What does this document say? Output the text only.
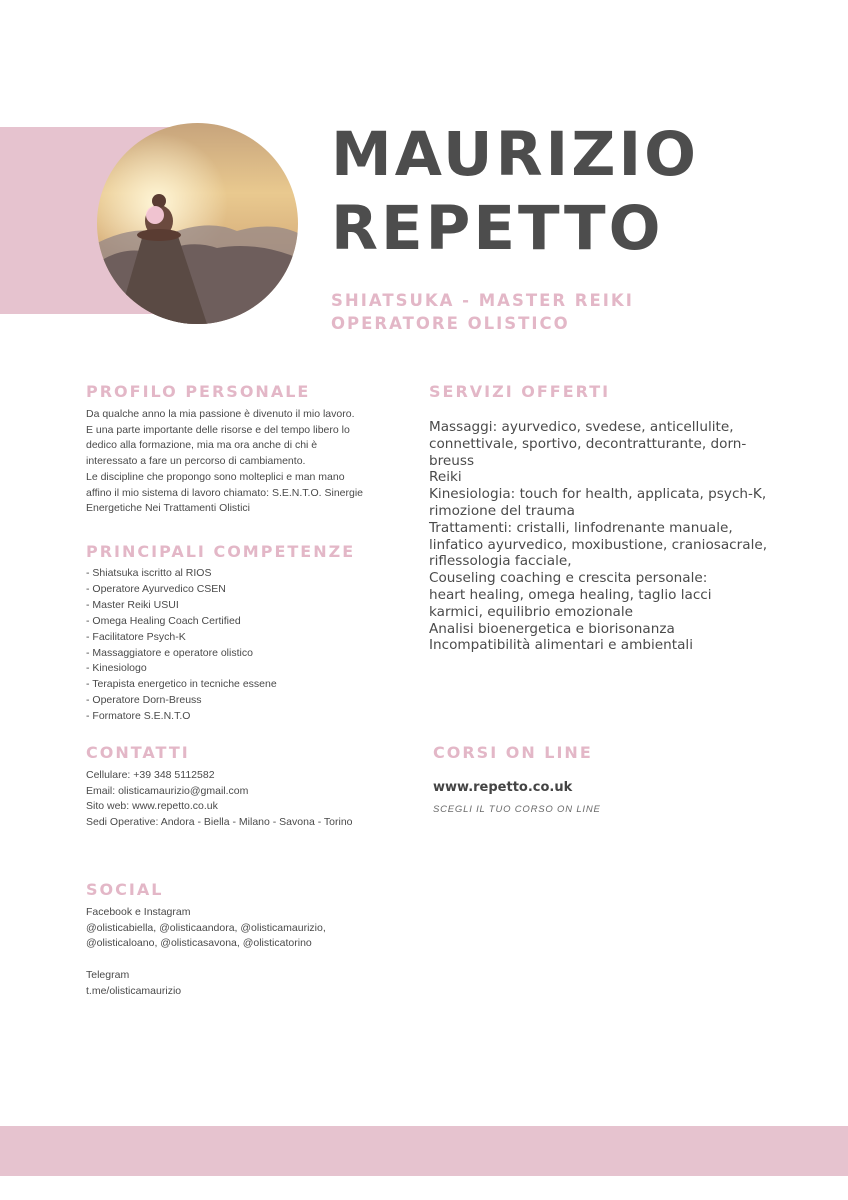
MAURIZIO
REPETTO
SHIATSUKA - MASTER REIKI
OPERATORE OLISTICO
PROFILO PERSONALE

Da qualche anno la mia passione è divenuto il mio lavoro.

E una parte importante delle risorse e del tempo libero lo

dedico alla formazione, mia ma ora anche di chi è

interessato a fare un percorso di cambiamento.

Le discipline che propongo sono molteplici e man mano

affino il mio sistema di lavoro chiamato: S.E.N.T.O. Sinergie

Energetiche Nei Trattamenti Olistici

PRINCIPALI COMPETENZE
- Shiatsuka iscritto al RIOS
- Operatore Ayurvedico CSEN
- Master Reiki USUI
- Omega Healing Coach Certified
- Facilitatore Psych-K
- Massaggiatore e operatore olistico
- Kinesiologo
- Terapista energetico in tecniche essene
- Operatore Dorn-Breuss
- Formatore S.E.N.T.O
SERVIZI OFFERTI
Massaggi: ayurvedico, svedese, anticellulite,
connettivale, sportivo, decontratturante, dorn-
breuss
Reiki
Kinesiologia: touch for health, applicata, psych-K,
rimozione del trauma
Trattamenti: cristalli, linfodrenante manuale,
linfatico ayurvedico, moxibustione, craniosacrale,
riflessologia facciale,
Couseling coaching e crescita personale:
heart healing, omega healing, taglio lacci
karmici, equilibrio emozionale
Analisi bioenergetica e biorisonanza
Incompatibilità alimentari e ambientali
CONTATTI

Cellulare: +39 348 5112582

Email: olisticamaurizio@gmail.com

Sito web: www.repetto.co.uk

Sedi Operative: Andora - Biella - Milano - Savona - Torino

CORSI ON LINE
www.repetto.co.uk
SCEGLI IL TUO CORSO ON LINE
SOCIAL

Facebook e Instagram

@olisticabiella, @olisticaandora, @olisticamaurizio,

@olisticaloano, @olisticasavona, @olisticatorino

Telegram

t.me/olisticamaurizio
